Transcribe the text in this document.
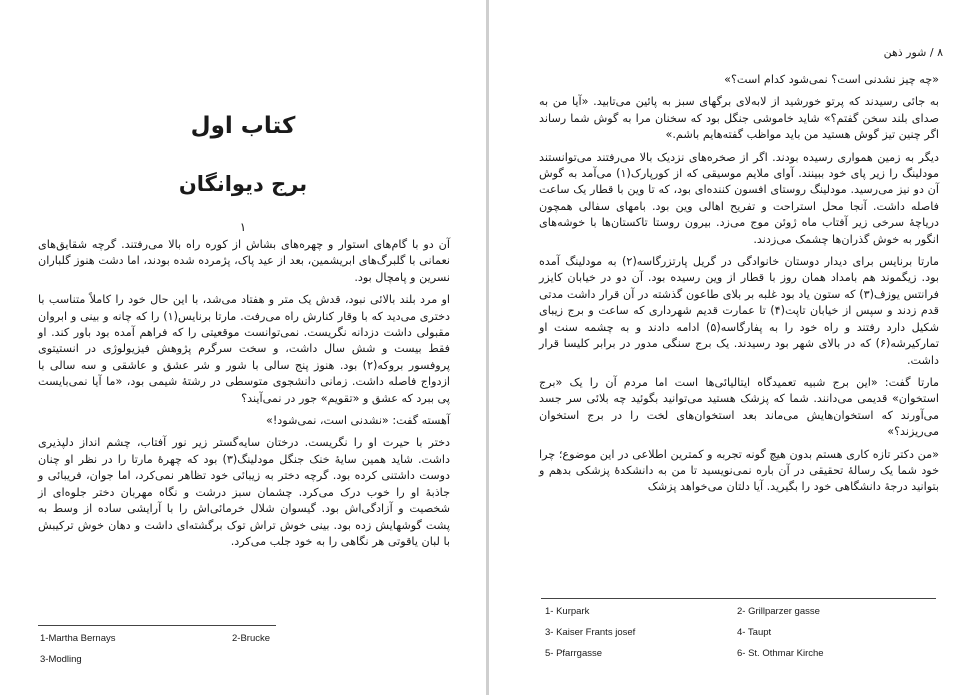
کتاب اول
برج دیوانگان
۱

آن دو با گام‌های استوار و چهره‌های بشاش از کوره راه بالا می‌رفتند. گرچه شقایق‌های نعمانی با گلبرگ‌های ابریشمین، بعد از عید پاک، پژمرده شده بودند، اما دشت هنوز گلباران نسرین و پامچال بود.

او مرد بلند بالائی نبود، قدش یک متر و هفتاد می‌شد، با این حال خود را کاملاً متناسب با دختری می‌دید که با وقار کنارش راه می‌رفت. مارتا برنایس(۱) را که چانه و بینی و ابروان مقبولی داشت دزدانه نگریست. نمی‌توانست موقعیتی را که فراهم آمده بود باور کند. او فقط بیست و شش سال داشت، و سخت سرگرم پژوهش فیزیولوژی در انستیتوی پروفسور بروکه(۲) بود. هنوز پنج سالی با شور و شر عشق و عاشقی و سه سالی با ازدواج فاصله داشت. زمانی دانشجوی متوسطی در رشتهٔ شیمی بود، «ما آیا نمی‌بایست پی ببرد که عشق و «تقویم» جور در نمی‌آیند؟

آهسته گفت: «نشدنی است، نمی‌شود!»

دختر با حیرت او را نگریست. درختان سایه‌گستر زیر نور آفتاب، چشم انداز دلپذیری داشت. شاید همین سایهٔ خنک جنگل مودلینگ(۳) بود که چهرهٔ مارتا را در نظر او چنان دوست داشتنی کرده بود. گرچه دختر به زیبائی خود تظاهر نمی‌کرد، اما جوان، فریبائی و جاذبهٔ او را خوب درک می‌کرد. چشمان سبز درشت و نگاه مهربان دختر جلوه‌ای از شخصیت و آزادگی‌اش بود. گیسوان شلال خرمائی‌اش را با آرایشی ساده از وسط به پشت گوشهایش زده بود. بینی خوش تراش توک برگشته‌ای داشت و دهان خوش ترکیبش با لبان یاقوتی هر نگاهی را به خود جلب می‌کرد.

1-Martha Bernays	2-Brucke
3-Modling
۸ / شور ذهن

«چه چیز نشدنی است؟ نمی‌شود کدام است؟»

به جائی رسیدند که پرتو خورشید از لابه‌لای برگهای سبز به پائین می‌تابید. «آیا من به صدای بلند سخن گفتم؟» شاید خاموشی جنگل بود که سخنان مرا به گوش شما رساند اگر چنین تیز گوش هستید من باید مواظب گفته‌هایم باشم.»

دیگر به زمین همواری رسیده بودند. اگر از صخره‌های نزدیک بالا می‌رفتند می‌توانستند مودلینگ را زیر پای خود ببینند. آوای ملایم موسیقی که از کورپارک(۱) می‌آمد به گوش آن دو نیز می‌رسید. مودلینگ روستای افسون کننده‌ای بود، که تا وین با قطار یک ساعت فاصله داشت. آنجا محل استراحت و تفریح اهالی وین بود. بامهای سفالی همچون دریاچهٔ سرخی زیر آفتاب ماه ژوئن موج می‌زد. بیرون روستا تاکستان‌ها با خوشه‌های انگور به خوش گذران‌ها چشمک می‌زدند.

مارتا برنایس برای دیدار دوستان خانوادگی در گریل پارتزرگاسه(۲) به مودلینگ آمده بود. زیگموند هم بامداد همان روز با قطار از وین رسیده بود. آن دو در خیابان کایزر فرانتس یوزف(۳) که ستون یاد بود غلبه بر بلای طاعون گذشته در آن قرار داشت مدتی قدم زدند و سپس از خیابان تاپت(۴) تا عمارت قدیم شهرداری که ساعت و برج زیبای شکیل دارد رفتند و راه خود را به پفارگاسه(۵) ادامه دادند و به چشمه سنت او تمارکیرشه(۶) که در بالای شهر بود رسیدند. یک برج سنگی مدور در برابر کلیسا قرار داشت.

مارتا گفت: «این برج شبیه تعمیدگاه ایتالیائی‌ها است اما مردم آن را یک «برج استخوان» قدیمی می‌دانند. شما که پزشک هستید می‌توانید بگوئید چه بلائی سر جسد می‌آورند که استخوان‌هایش می‌ماند بعد استخوان‌های لخت را در برج استخوان می‌ریزند؟»

«من دکتر تازه کاری هستم بدون هیچ گونه تجربه و کمترین اطلاعی در این موضوع؛ چرا خود شما یک رسالهٔ تحقیقی در آن باره نمی‌نویسید تا من به دانشکدهٔ پزشکی بدهم و بتوانید درجهٔ دانشگاهی خود را بگیرید. آیا دلتان می‌خواهد پزشک

1- Kurpark	2- Grillparzer gasse
3- Kaiser Frants josef	4- Taupt
5- Pfarrgasse	6- St. Othmar Kirche
